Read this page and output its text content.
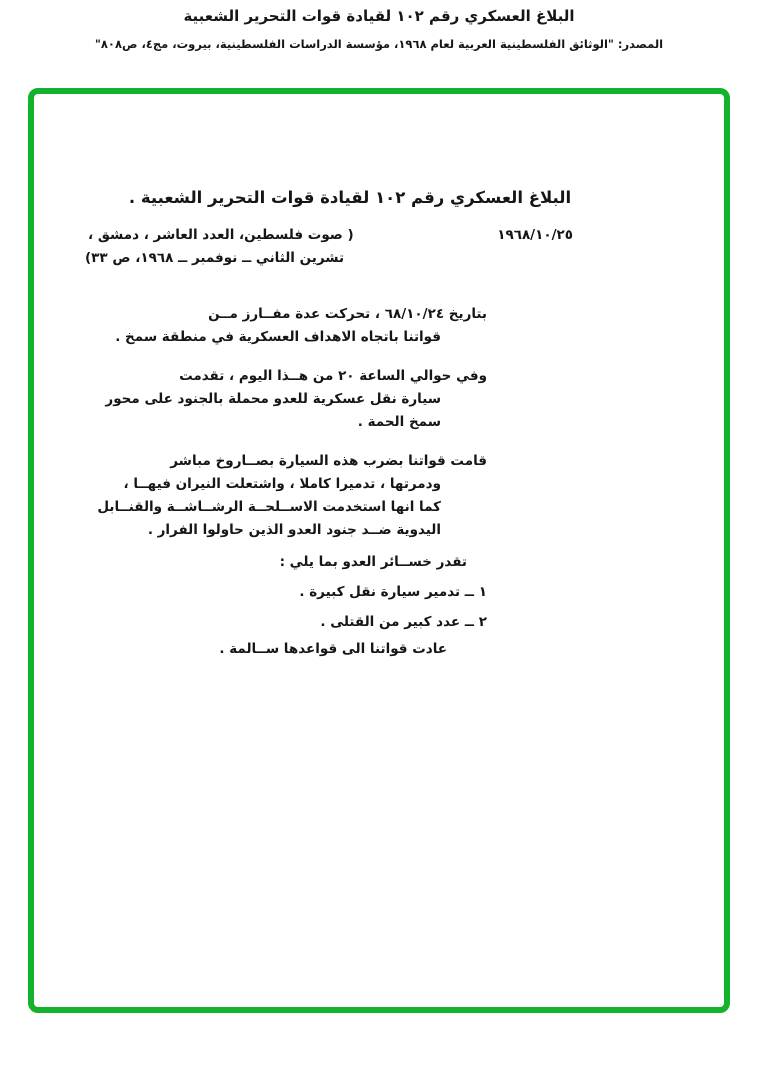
البلاغ العسكري رقم ١٠٢ لقيادة قوات التحرير الشعبية
المصدر: "الوثائق الفلسطينية العربية لعام ١٩٦٨، مؤسسة الدراسات الفلسطينية، بيروت، مج٤، ص٨٠٨"
البلاغ العسكري رقم ١٠٢ لقيادة قوات التحرير الشعبية .
١٩٦٨/١٠/٢٥
( صوت فلسطين، العدد العاشر ، دمشق ،
تشرين الثاني ــ نوفمبر ــ ١٩٦٨، ص ٣٣)
بتاريخ ٦٨/١٠/٢٤ ، تحركت عدة مفــارز مــن
قواتنا باتجاه الاهداف العسكرية في منطقة سمخ .
وفي حوالي الساعة ٢٠ من هــذا اليوم ، تقدمت
سيارة نقل عسكرية للعدو محملة بالجنود على محور
سمخ الحمة .
قامت قواتنا بضرب هذه السيارة بصــاروخ مباشر
ودمرتها ، تدميرا كاملا ، واشتعلت النيران فيهــا ،
كما انها استخدمت الاســلحــة الرشــاشــة والقنــابل
اليدوية ضــد جنود العدو الذين حاولوا الفرار .
تقدر خســائر العدو بما يلي :
١ ــ تدمير سيارة نقل كبيرة .
٢ ــ عدد كبير من القتلى .
عادت قواتنا الى قواعدها ســالمة .
